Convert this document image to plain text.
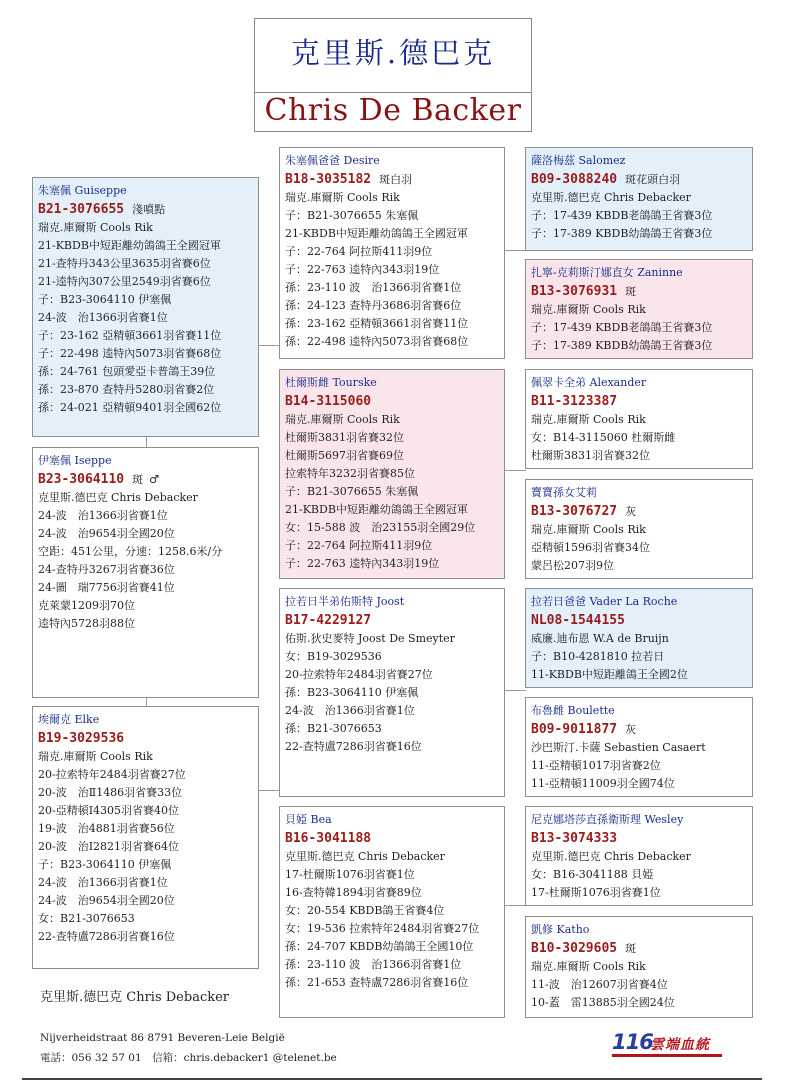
克里斯.德巴克
Chris De Backer
朱塞佩 Guiseppe
B21-3076655 淺噴點
瑞克.庫爾斯 Cools Rik
21-KBDB中短距離幼鴿鴿王全國冠軍
21-查特丹343公里3635羽省賽6位
21-逵特內307公里2549羽省賽6位
子：B23-3064110 伊塞佩
24-波　治1366羽省賽1位
子：23-162 亞精頓3661羽省賽11位
子：22-498 逵特內5073羽省賽68位
孫：24-761 包頭愛亞卡普鴿王39位
孫：23-870 查特丹5280羽省賽2位
孫：24-021 亞精頓9401羽全國62位
伊塞佩 Iseppe
B23-3064110 斑 ♂
克里斯.德巴克 Chris Debacker
24-波　治1366羽省賽1位
24-波　治9654羽全國20位
空距：451公里，分速：1258.6米/分
24-查特丹3267羽省賽36位
24-圖　瑞7756羽省賽41位
克萊蒙1209羽70位
逵特內5728羽88位
埃爾克 Elke
B19-3029536
瑞克.庫爾斯 Cools Rik
20-拉索特年2484羽省賽27位
20-波　治Ⅱ1486羽省賽33位
20-亞精頓Ⅰ4305羽省賽40位
19-波　治4881羽省賽56位
20-波　治Ⅰ2821羽省賽64位
子：B23-3064110 伊塞佩
24-波　治1366羽省賽1位
24-波　治9654羽全國20位
女：B21-3076653
22-查特盧7286羽省賽16位
朱塞佩爸爸 Desire
B18-3035182 斑白羽
瑞克.庫爾斯 Cools Rik
子：B21-3076655 朱塞佩
21-KBDB中短距離幼鴿鴿王全國冠軍
子：22-764 阿拉斯411羽9位
子：22-763 逵特內343羽19位
孫：23-110 波　治1366羽省賽1位
孫：24-123 查特丹3686羽省賽6位
孫：23-162 亞精頓3661羽省賽11位
孫：22-498 逵特內5073羽省賽68位
杜爾斯雌 Tourske
B14-3115060
瑞克.庫爾斯 Cools Rik
杜爾斯3831羽省賽32位
杜爾斯5697羽省賽69位
拉索特年3232羽省賽85位
子：B21-3076655 朱塞佩
21-KBDB中短距離幼鴿鴿王全國冠軍
女：15-588 波　治23155羽全國29位
子：22-764 阿拉斯411羽9位
子：22-763 逵特內343羽19位
拉若日半弟佑斯特 Joost
B17-4229127
佑斯.狄史麥特 Joost De Smeyter
女：B19-3029536
20-拉索特年2484羽省賽27位
孫：B23-3064110 伊塞佩
24-波　治1366羽省賽1位
孫：B21-3076653
22-查特盧7286羽省賽16位
貝婭 Bea
B16-3041188
克里斯.德巴克 Chris Debacker
17-杜爾斯1076羽省賽1位
16-查特韓1894羽省賽89位
女：20-554 KBDB鴿王省賽4位
女：19-536 拉索特年2484羽省賽27位
孫：24-707 KBDB幼鴿鴿王全國10位
孫：23-110 波　治1366羽省賽1位
孫：21-653 查特盧7286羽省賽16位
薩洛梅茲 Salomez
B09-3088240 斑花頭白羽
克里斯.德巴克 Chris Debacker
子：17-439 KBDB老鴿鴿王省賽3位
子：17-389 KBDB幼鴿鴿王省賽3位
扎寧-克莉斯汀娜直女 Zaninne
B13-3076931 斑
瑞克.庫爾斯 Cools Rik
子：17-439 KBDB老鴿鴿王省賽3位
子：17-389 KBDB幼鴿鴿王省賽3位
佩翠卡全弟 Alexander
B11-3123387
瑞克.庫爾斯 Cools Rik
女：B14-3115060 杜爾斯雌
杜爾斯3831羽省賽32位
寶寶孫女艾莉
B13-3076727 灰
瑞克.庫爾斯 Cools Rik
亞精頓1596羽省賽34位
蒙呂松207羽9位
拉若日爸爸 Vader La Roche
NL08-1544155
威廉.迪布恩 W.A de Bruijn
子：B10-4281810 拉若日
11-KBDB中短距離鴿王全國2位
布魯雌 Boulette
B09-9011877 灰
沙巴斯汀.卡薩 Sebastien Casaert
11-亞精頓1017羽省賽2位
11-亞精頓11009羽全國74位
尼克娜塔莎直孫衛斯理 Wesley
B13-3074333
克里斯.德巴克 Chris Debacker
女：B16-3041188 貝婭
17-杜爾斯1076羽省賽1位
凱修 Katho
B10-3029605 斑
瑞克.庫爾斯 Cools Rik
11-波　治12607羽省賽4位
10-蓋　雷13885羽全國24位
克里斯.德巴克 Chris Debacker
Nijverheidstraat 86 8791 Beveren-Leie België
電話：056 32 57 01　信箱：chris.debacker1 @telenet.be
116
雲端血統
